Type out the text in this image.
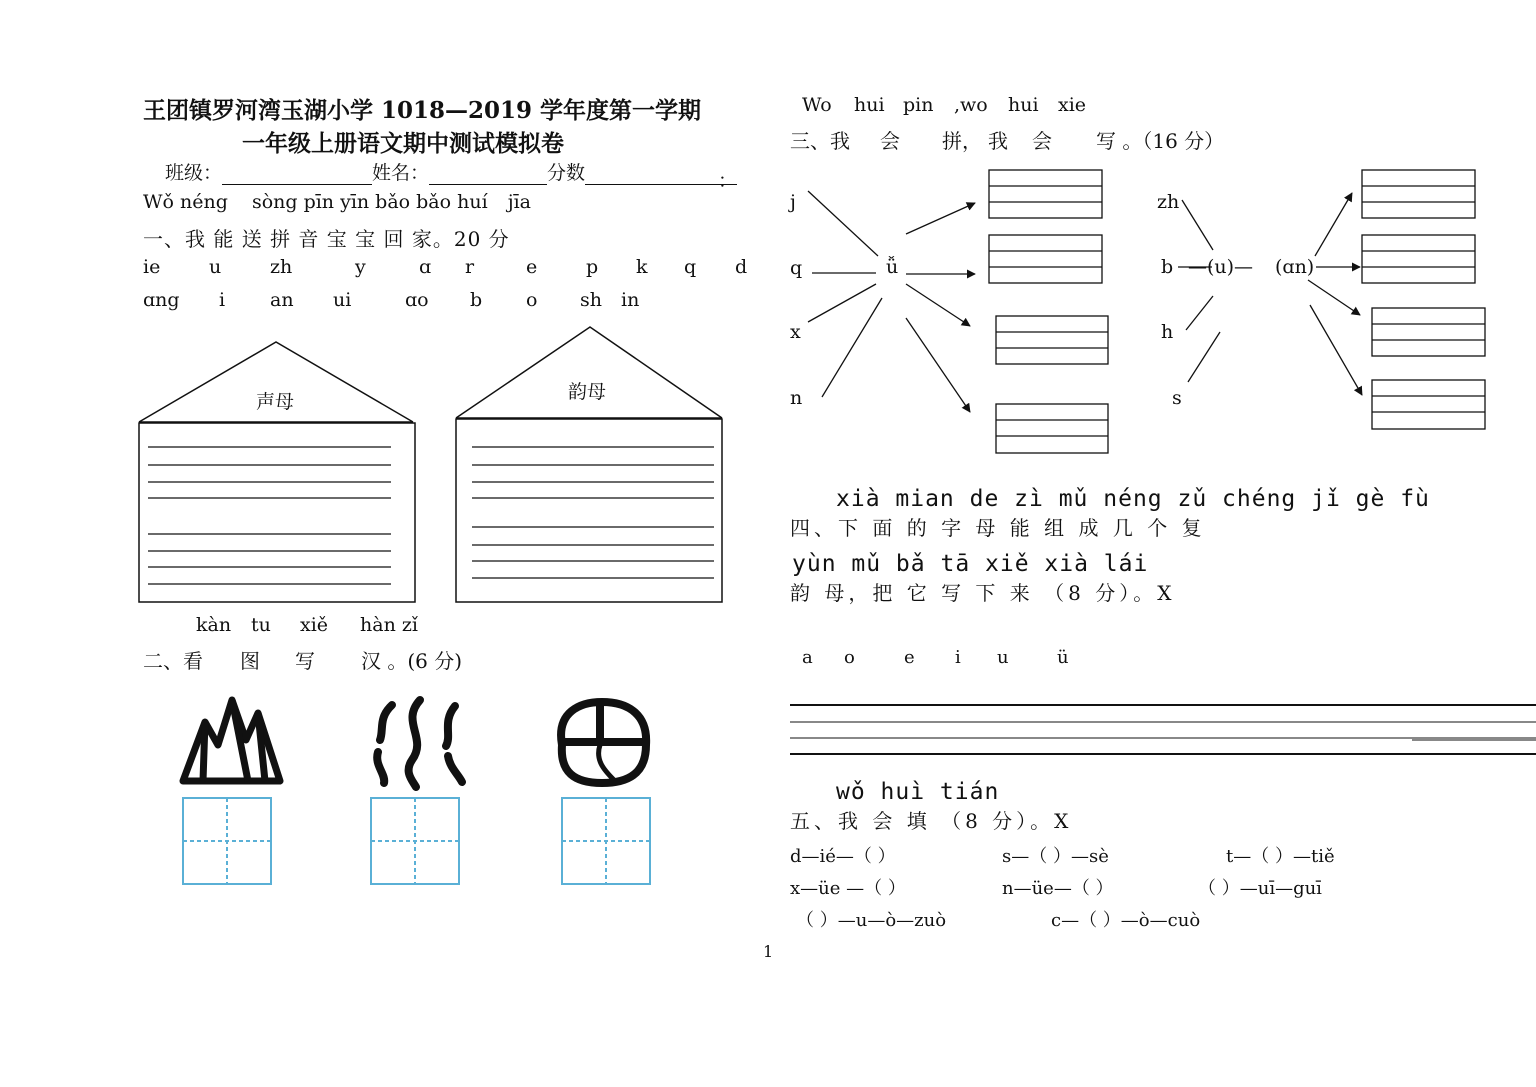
王团镇罗河湾玉湖小学 1018—2019 学年度第一学期
一年级上册语文期中测试模拟卷
班级：	姓名：	分数	：
Wǒ néng sòng pīn yīn bǎo bǎo huí jīa
一、我 能 送 拼 音 宝 宝 回 家。20 分
ie	u	zh	y	ɑ r	e	p k q d
ɑng i an ui	ɑo b o sh in
声母	韵母
kàn tu xiě hàn zǐ
二、看 图 写 汉 。(6 分)
Wo hui pin ,wo hui xie
三、我 会 拼， 我 会 写 。（16 分）
j
q
x
n
ǚ
zh
b
h
s
—(u)— (ɑn)
xià mian de zì mǔ néng zǔ chéng jǐ gè fù
四、下 面 的 字 母 能 组 成 几 个 复
yùn mǔ bǎ tā xiě xià lái
韵 母，把 它 写 下 来 （8 分）。X
a o	e i u	ü
wǒ huì tián
五、我 会 填 （8 分）。X
d—ié—（ ）	s—（ ）—sè	t—（ ）—tiě
x—üe —（ ）	n—üe—（ ）	（ ）—uī—guī
（ ）—u—ò—zuò	c—（ ）—ò—cuò
1
